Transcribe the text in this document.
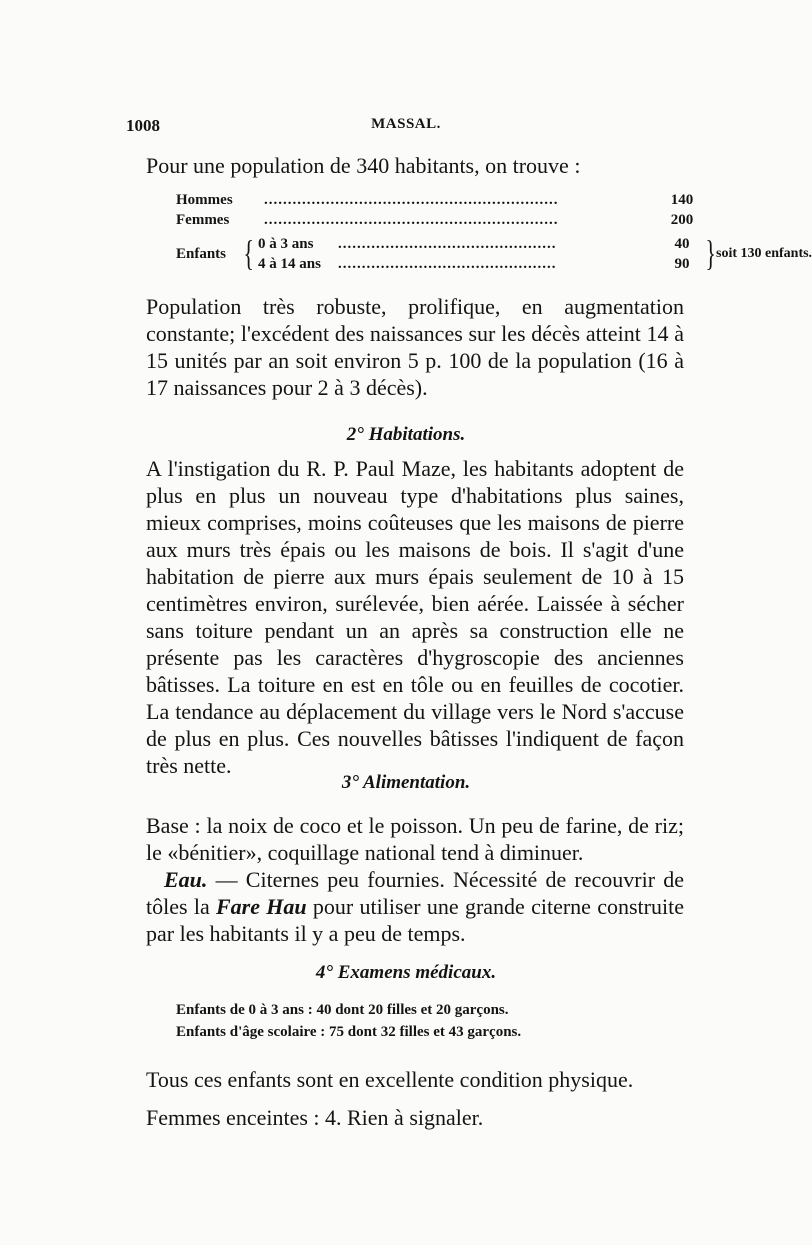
1008	MASSAL.
Pour une population de 340 habitants, on trouve :
Hommes ..............................................................	140
Femmes ..............................................................	200
Enfants { 0 à 3 ans ..............................................	40
4 à 14 ans ..............................................	90 } soit 130 enfants.
Population très robuste, prolifique, en augmentation constante; l'excédent des naissances sur les décès atteint 14 à 15 unités par an soit environ 5 p. 100 de la population (16 à 17 naissances pour 2 à 3 décès).
2° Habitations.
A l'instigation du R. P. Paul Maze, les habitants adoptent de plus en plus un nouveau type d'habitations plus saines, mieux comprises, moins coûteuses que les maisons de pierre aux murs très épais ou les maisons de bois. Il s'agit d'une habitation de pierre aux murs épais seulement de 10 à 15 centimètres environ, surélevée, bien aérée. Laissée à sécher sans toiture pendant un an après sa construction elle ne présente pas les caractères d'hygroscopie des anciennes bâtisses. La toiture en est en tôle ou en feuilles de cocotier. La tendance au déplacement du village vers le Nord s'accuse de plus en plus. Ces nouvelles bâtisses l'indiquent de façon très nette.
3° Alimentation.
Base : la noix de coco et le poisson. Un peu de farine, de riz; le «bénitier», coquillage national tend à diminuer.
Eau. — Citernes peu fournies. Nécessité de recouvrir de tôles la Fare Hau pour utiliser une grande citerne construite par les habitants il y a peu de temps.
4° Examens médicaux.
Enfants de 0 à 3 ans : 40 dont 20 filles et 20 garçons.
Enfants d'âge scolaire : 75 dont 32 filles et 43 garçons.
Tous ces enfants sont en excellente condition physique.
Femmes enceintes : 4. Rien à signaler.
